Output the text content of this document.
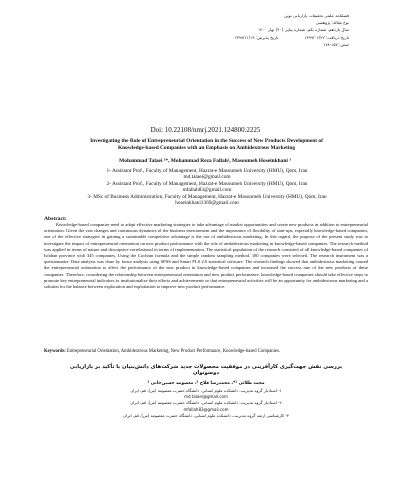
فصلنامه علمی تحقیقات بازاریابی نوین
نوع مقاله: پژوهشی
سال یازدهم، شماره یکم، شماره پیاپی (۴۰) بهار ۱۴۰۰
تاریخ دریافت: ۱۳۹۹/۰۶/۲۲تاریخ پذیرش: ۱۳۹۹/۱۱/۱۹
صص: ۱۵۷-۱۷۸
Doi: 10.22108/nmrj.2021.124800.2225
Investigating the Role of Entrepreneurial Orientation in the Success of New Products Development of
Knowledge-based Companies with an Emphasis on Ambidextrous Marketing
Mohammad Talaei ¹*, Mohammad Reza Fallah², Masoumeh Hoseinkhani ³
1- Assistant Prof., Faculty of Management, Hazrat-e Masoumeh University (HMU), Qom, Iran
md.talaei@gmail.com
2- Assistant Prof., Faculty of Management, Hazrat-e Masoumeh University (HMU), Qom, Iran
mfallah83@gmail.com
3- MSc of Business Administration, Faculty of Management, Hazrat-e Masoumeh University (HMU), Qom, Iran
hoseinkhani1369@gmail.com
Abstract:
Knowledge-based companies need to adopt effective marketing strategies to take advantage of market opportunities and create new products in addition to entrepreneurial orientation. Given the vast changes and continuous dynamics of the business environment and the importance of flexibility of start-ups, especially knowledge-based companies, one of the effective strategies in gaining a sustainable competitive advantage is the use of ambidextrous marketing. In this regard, the purpose of the present study was to investigate the impact of entrepreneurial orientation on new product performance with the role of ambidextrous marketing in knowledge-based companies. The research method was applied in terms of nature and descriptive-correlational in terms of implementation. The statistical population of the research consisted of all knowledge-based companies of Isfahan province with 345 companies. Using the Cochran formula and the simple random sampling method, 180 companies were selected. The research instrument was a questionnaire. Data analysis was done by factor analysis using SPSS and Smart PLS 2.0 statistical software. The research findings showed that ambidextrous marketing caused the entrepreneurial orientation to affect the performance of the new product in knowledge-based companies and increased the success rate of the new products of these companies. Therefore, considering the relationship between entrepreneurial orientation and new product performance, knowledge-based companies should take effective steps to promote key entrepreneurial indicators to institutionalize their effects and achievements so that entrepreneurial activities will be an opportunity for ambidextrous marketing and a solution for the balance between exploration and exploitation to improve new product performance.
Keywords: Entrepreneurial Orientation, Ambidextrous Marketing, New Product Performance, Knowledge-based Companies.
بررسی نقش جهت‌گیری کارآفرینی در موفقیت محصولات جدید شرکت‌های دانش‌بنیان با تأکید بر بازاریابی دوسوتوان
محمد طلائی ¹*، محمدرضا فلاح ²، معصومه حسین‌خانی ³
۱- استادیار گروه مدیریت، دانشکده علوم انسانی، دانشگاه حضرت معصومه (س)، قم، ایران
md.talaei@gmail.com
۲- استادیار گروه مدیریت، دانشکده علوم انسانی، دانشگاه حضرت معصومه (س)، قم، ایران
mfallah83@gmail.com
۳- کارشناسی ارشد گروه مدیریت، دانشکده علوم انسانی، دانشگاه حضرت معصومه (س)، قم، ایران
